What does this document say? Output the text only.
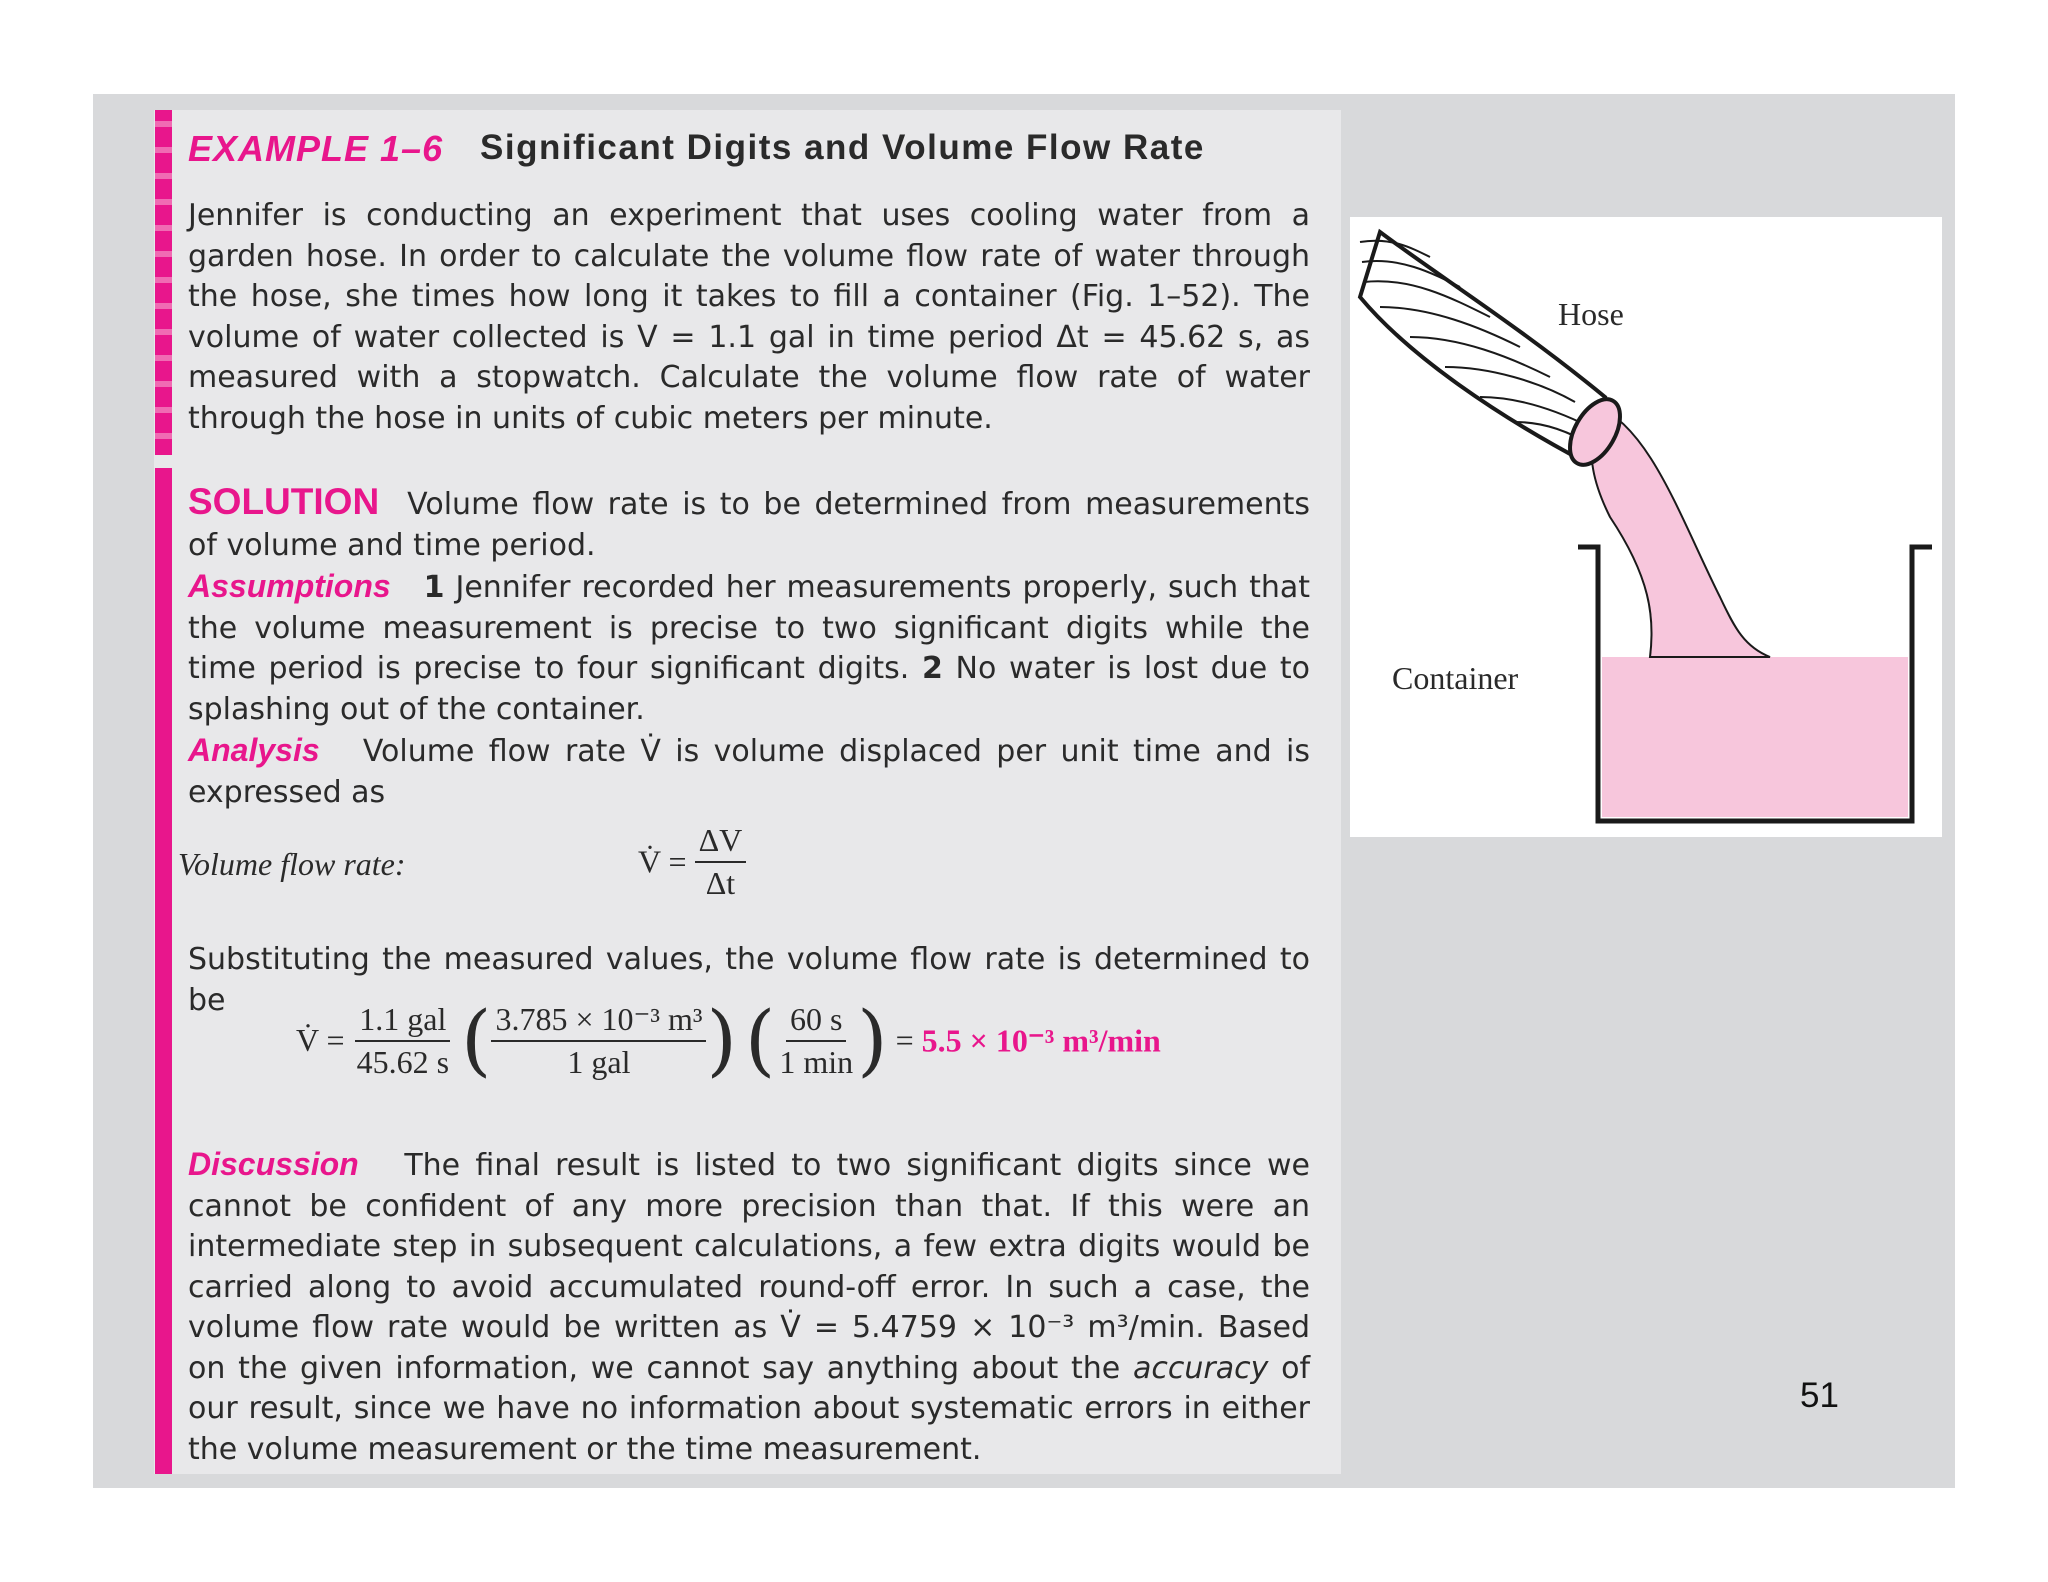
EXAMPLE 1–6 Significant Digits and Volume Flow Rate
Jennifer is conducting an experiment that uses cooling water from a garden hose. In order to calculate the volume flow rate of water through the hose, she times how long it takes to fill a container (Fig. 1–52). The volume of water collected is V = 1.1 gal in time period Δt = 45.62 s, as measured with a stopwatch. Calculate the volume flow rate of water through the hose in units of cubic meters per minute.
SOLUTION Volume flow rate is to be determined from measurements of volume and time period.
Assumptions 1 Jennifer recorded her measurements properly, such that the volume measurement is precise to two significant digits while the time period is precise to four significant digits. 2 No water is lost due to splashing out of the container.
Analysis Volume flow rate V̇ is volume displaced per unit time and is expressed as
Volume flow rate:	V̇ = $\frac{\Delta V}{\Delta t}$
Substituting the measured values, the volume flow rate is determined to be
V̇ = $\frac{\text{1.1 gal}}{45.62 s}$ ( $\frac{\text{3.785 × 10⁻³ m³}}{\text{1 gal}}$ ) ( $\frac{60 s}{1 \min}$ ) = 5.5 × 10⁻³ m³/min
Discussion The final result is listed to two significant digits since we cannot be confident of any more precision than that. If this were an intermediate step in subsequent calculations, a few extra digits would be carried along to avoid accumulated round-off error. In such a case, the volume flow rate would be written as V̇ = 5.4759 × 10⁻³ m³/min. Based on the given information, we cannot say anything about the accuracy of our result, since we have no information about systematic errors in either the volume measurement or the time measurement.
Hose
Container
51
